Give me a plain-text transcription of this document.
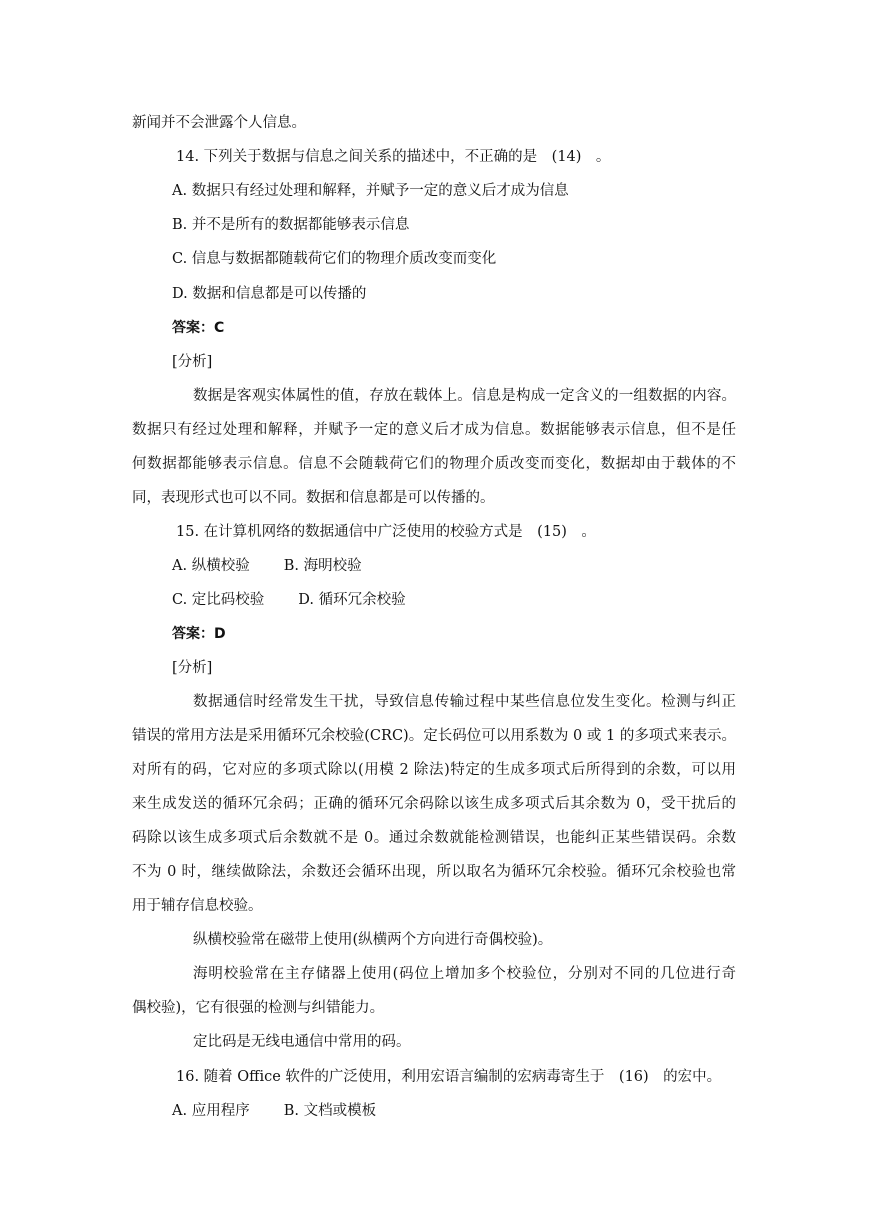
新闻并不会泄露个人信息。
14. 下列关于数据与信息之间关系的描述中，不正确的是　(14)　。
A. 数据只有经过处理和解释，并赋予一定的意义后才成为信息
B. 并不是所有的数据都能够表示信息
C. 信息与数据都随载荷它们的物理介质改变而变化
D. 数据和信息都是可以传播的
答案：C
[分析]
数据是客观实体属性的值，存放在载体上。信息是构成一定含义的一组数据的内容。
数据只有经过处理和解释，并赋予一定的意义后才成为信息。数据能够表示信息，但不是任
何数据都能够表示信息。信息不会随载荷它们的物理介质改变而变化，数据却由于载体的不
同，表现形式也可以不同。数据和信息都是可以传播的。
15. 在计算机网络的数据通信中广泛使用的校验方式是　(15)　。
A. 纵横校验 B. 海明校验
C. 定比码校验 D. 循环冗余校验
答案：D
[分析]
数据通信时经常发生干扰，导致信息传输过程中某些信息位发生变化。检测与纠正
错误的常用方法是采用循环冗余校验(CRC)。定长码位可以用系数为 0 或 1 的多项式来表示。
对所有的码，它对应的多项式除以(用模 2 除法)特定的生成多项式后所得到的余数，可以用
来生成发送的循环冗余码；正确的循环冗余码除以该生成多项式后其余数为 0，受干扰后的
码除以该生成多项式后余数就不是 0。通过余数就能检测错误，也能纠正某些错误码。余数
不为 0 时，继续做除法，余数还会循环出现，所以取名为循环冗余校验。循环冗余校验也常
用于辅存信息校验。
纵横校验常在磁带上使用(纵横两个方向进行奇偶校验)。
海明校验常在主存储器上使用(码位上增加多个校验位，分别对不同的几位进行奇
偶校验)，它有很强的检测与纠错能力。
定比码是无线电通信中常用的码。
16. 随着 Office 软件的广泛使用，利用宏语言编制的宏病毒寄生于　(16)　的宏中。
A. 应用程序 B. 文档或模板
